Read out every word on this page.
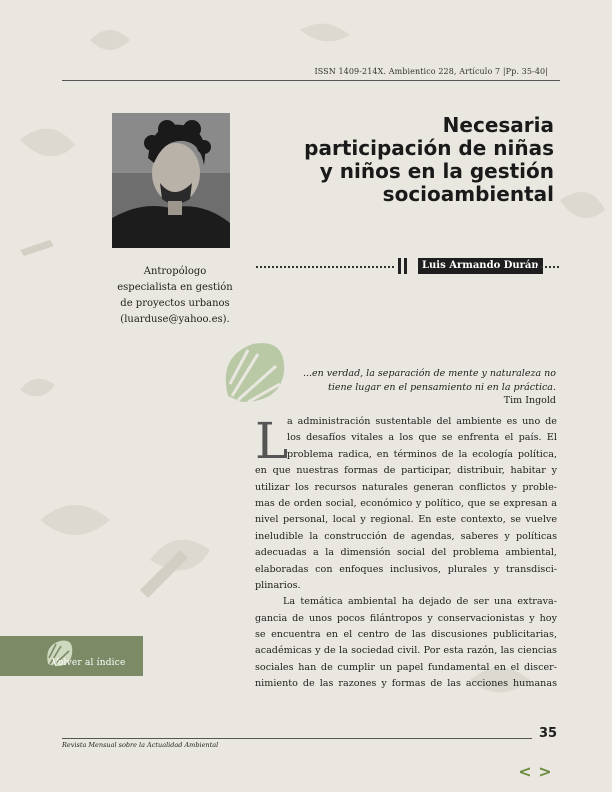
ISSN 1409-214X. Ambientico 228, Artículo 7 |Pp. 35-40|
Necesaria
participación de niñas
y niños en la gestión
socioambiental
Luis Armando Durán
Antropólogo
especialista en gestión
de proyectos urbanos
(luarduse@yahoo.es).
...en verdad, la separación de mente y naturaleza no
tiene lugar en el pensamiento ni en la práctica.
Tim Ingold
L
a administración sustentable del ambiente es uno de
los desafíos vitales a los que se enfrenta el país. El
problema radica, en términos de la ecología política,
en que nuestras formas de participar, distribuir, habitar y
utilizar los recursos naturales generan conflictos y proble-
mas de orden social, económico y político, que se expresan a
nivel personal, local y regional. En este contexto, se vuelve
ineludible la construcción de agendas, saberes y políticas
adecuadas a la dimensión social del problema ambiental,
elaboradas con enfoques inclusivos, plurales y transdisci-
plinarios.
La temática ambiental ha dejado de ser una extrava-
gancia de unos pocos filántropos y conservacionistas y hoy
se encuentra en el centro de las discusiones publicitarias,
académicas y de la sociedad civil. Por esta razón, las ciencias
sociales han de cumplir un papel fundamental en el discer-
nimiento de las razones y formas de las acciones humanas
Volver al índice
35
Revista Mensual sobre la Actualidad Ambiental
< >
